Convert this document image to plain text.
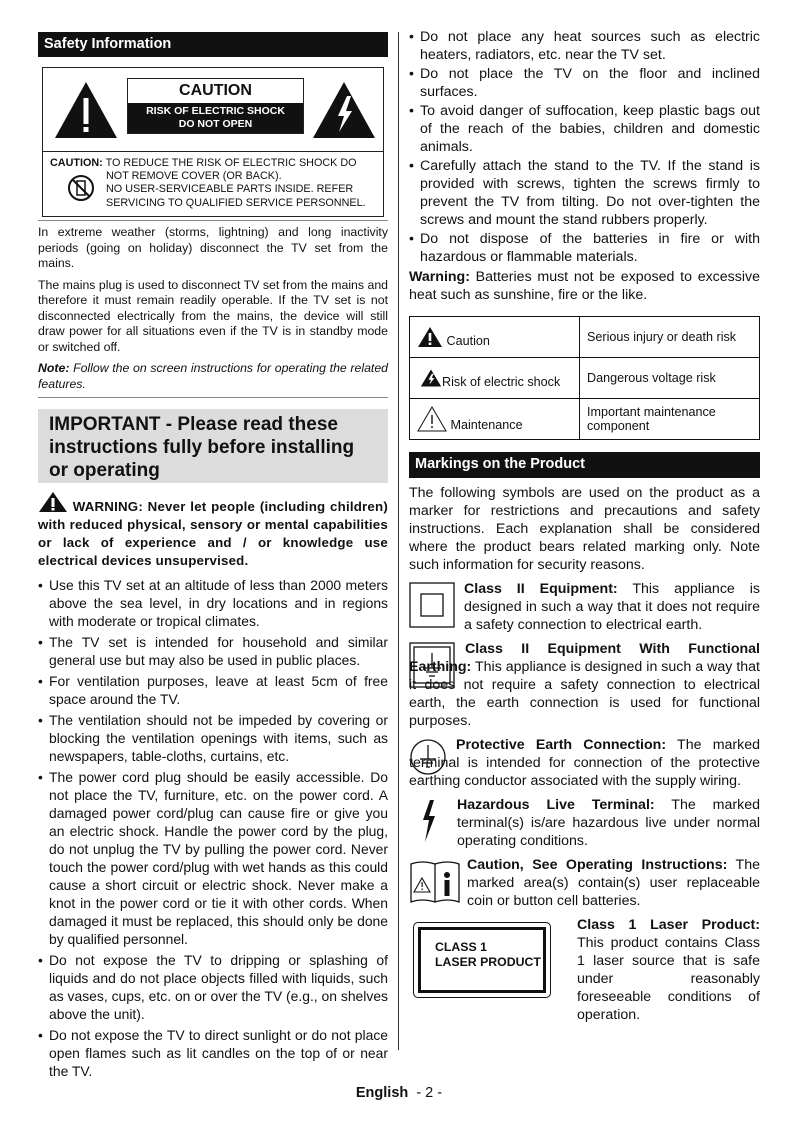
Safety Information
CAUTION
RISK OF ELECTRIC SHOCK
DO NOT OPEN
CAUTION: TO REDUCE THE RISK OF ELECTRIC SHOCK DO
NOT REMOVE COVER (OR BACK).
NO USER-SERVICEABLE PARTS INSIDE. REFER
SERVICING TO QUALIFIED SERVICE PERSONNEL.

In extreme weather (storms, lightning) and long inactivity periods (going on holiday) disconnect the TV set from the mains.

The mains plug is used to disconnect TV set from the mains and therefore it must remain readily operable. If the TV set is not disconnected electrically from the mains, the device will still draw power for all situations even if the TV is in standby mode or switched off.

Note: Follow the on screen instructions for operating the related features.

IMPORTANT - Please read these instructions fully before installing or operating
WARNING: Never let people (including children) with reduced physical, sensory or mental capabilities or lack of experience and / or knowledge use electrical devices unsupervised.
• Use this TV set at an altitude of less than 2000 meters above the sea level, in dry locations and in regions with moderate or tropical climates.
• The TV set is intended for household and similar general use but may also be used in public places.
• For ventilation purposes, leave at least 5cm of free space around the TV.
• The ventilation should not be impeded by covering or blocking the ventilation openings with items, such as newspapers, table-cloths, curtains, etc.
• The power cord plug should be easily accessible. Do not place the TV, furniture, etc. on the power cord. A damaged power cord/plug can cause fire or give you an electric shock. Handle the power cord by the plug, do not unplug the TV by pulling the power cord. Never touch the power cord/plug with wet hands as this could cause a short circuit or electric shock. Never make a knot in the power cord or tie it with other cords. When damaged it must be replaced, this should only be done by qualified personnel.
• Do not expose the TV to dripping or splashing of liquids and do not place objects filled with liquids, such as vases, cups, etc. on or over the TV (e.g., on shelves above the unit).
• Do not expose the TV to direct sunlight or do not place open flames such as lit candles on the top of or near the TV.
• Do not place any heat sources such as electric heaters, radiators, etc. near the TV set.
• Do not place the TV on the floor and inclined surfaces.
• To avoid danger of suffocation, keep plastic bags out of the reach of the babies, children and domestic animals.
• Carefully attach the stand to the TV. If the stand is provided with screws, tighten the screws firmly to prevent the TV from tilting. Do not over-tighten the screws and mount the stand rubbers properly.
• Do not dispose of the batteries in fire or with hazardous or flammable materials.
Warning: Batteries must not be exposed to excessive heat such as sunshine, fire or the like.
Caution	Serious injury or death risk
Risk of electric shock	Dangerous voltage risk
Maintenance	Important maintenance component
Markings on the Product
The following symbols are used on the product as a marker for restrictions and precautions and safety instructions. Each explanation shall be considered where the product bears related marking only. Note such information for security reasons.
Class II Equipment: This appliance is designed in such a way that it does not require a safety connection to electrical earth.
Class II Equipment With Functional Earthing: This appliance is designed in such a way that it does not require a safety connection to electrical earth, the earth connection is used for functional purposes.
Protective Earth Connection: The marked terminal is intended for connection of the protective earthing conductor associated with the supply wiring.
Hazardous Live Terminal: The marked terminal(s) is/are hazardous live under normal operating conditions.
Caution, See Operating Instructions: The marked area(s) contain(s) user replaceable coin or button cell batteries.
CLASS 1
LASER PRODUCT
Class 1 Laser Product: This product contains Class 1 laser source that is safe under reasonably foreseeable conditions of operation.
English - 2 -
